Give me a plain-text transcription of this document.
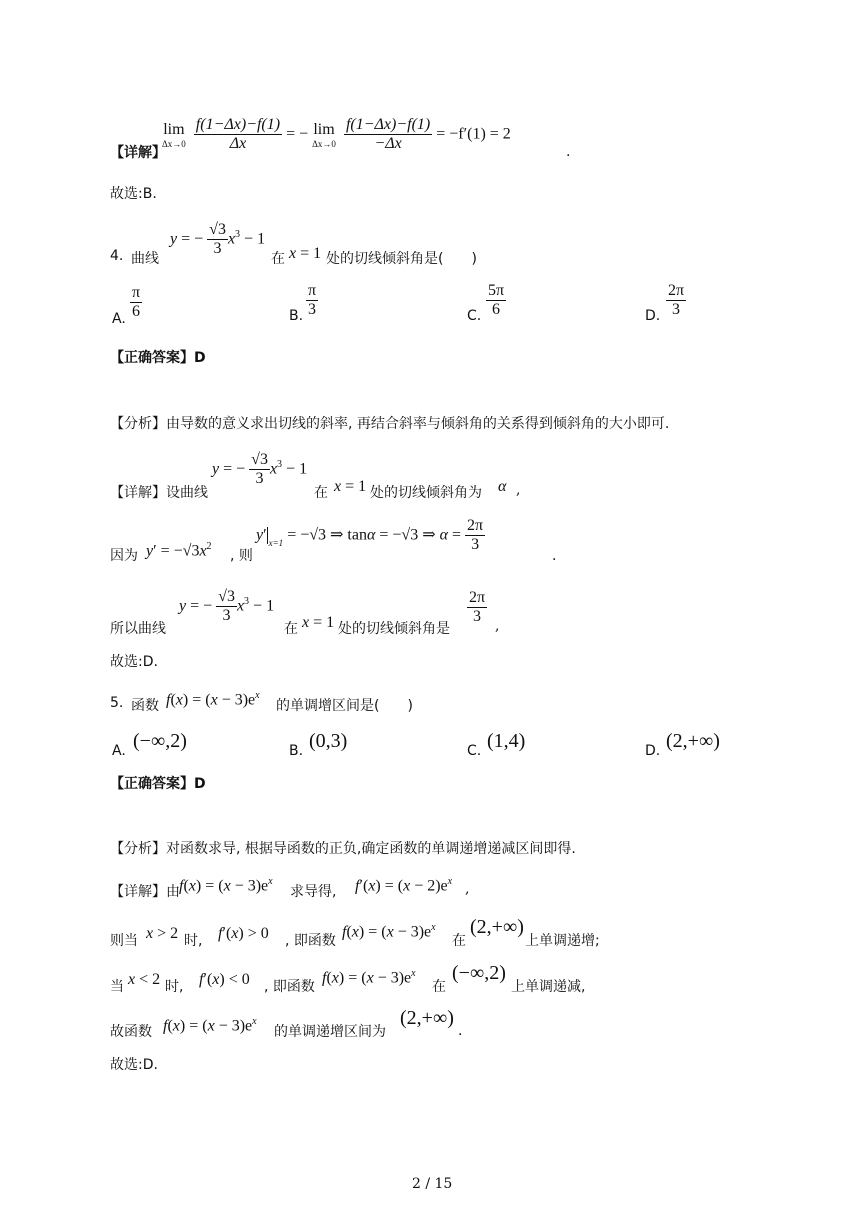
【详解】
lim
Δx→0
$\frac{f(1-\Delta x)-f(1)}{\Delta x}$ = − lim
Δx→0
$\frac{f(1-\Delta x)-f(1)}{-\Delta x} = -f'(1) = 2$
.
故选:B.
4. 曲线
y = − $\frac{√3}{3} x^3 - 1$
在 x = 1 处的切线倾斜角是(　　)
A. $\frac{\pi}{6}$	B. $\frac{\pi}{3}$	C. $\frac{5\pi}{6}$	D. $\frac{2\pi}{3}$
【正确答案】D
【分析】由导数的意义求出切线的斜率, 再结合斜率与倾斜角的关系得到倾斜角的大小即可.
【详解】设曲线
y = − $\frac{√3}{3} x^3 - 1$
在 x = 1 处的切线倾斜角为 α ,
因为 $y' = -√3x^2$
, 则
y′ $_{x=1}$ = −√3 ⇒ tanα = −√3 ⇒ $\alpha = \frac{2\pi}{3}$
.
所以曲线
y = − $\frac{√3}{3} x^3 - 1$
在 x = 1 处的切线倾斜角是
$\frac{2\pi}{3}$ ,
故选:D.
5. 函数 $f(x) = (x - 3)e^x$
的单调增区间是(　　)
A. (−∞,2)	B. (0,3)	C. (1,4)	D. (2,+∞)
【正确答案】D
【分析】对函数求导, 根据导函数的正负,确定函数的单调递增递减区间即得.
【详解】由 $f(x) = (x - 3)e^x$
求导得, $f'(x) = (x - 2)e^x$ ,
则当 x > 2 时, f′(x) > 0 , 即函数
$f(x) = (x - 3)e^x$
在
(2,+∞)
上单调递增;
当 x < 2 时, f′(x) < 0 , 即函数
$f(x) = (x - 3)e^x$
在
(−∞,2)
上单调递减,
故函数 $f(x) = (x - 3)e^x$
的单调递增区间为
(2,+∞)
.
故选:D.
2 / 15
